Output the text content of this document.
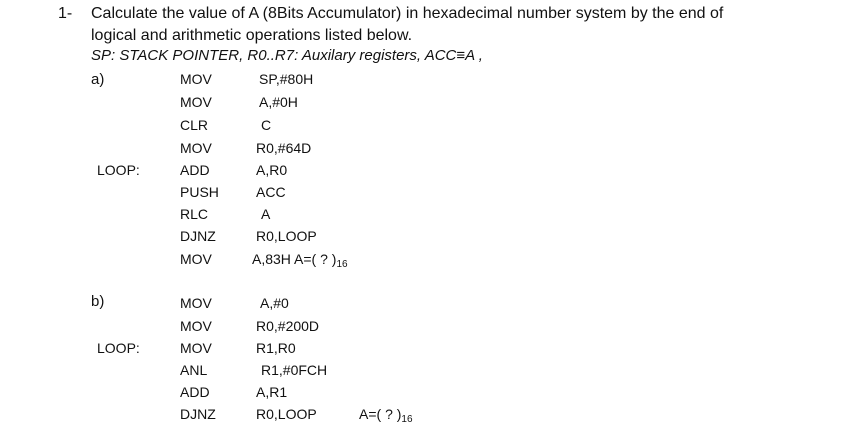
1- Calculate the value of A (8Bits Accumulator) in hexadecimal number system by the end of
logical and arithmetic operations listed below.
SP: STACK POINTER, R0..R7: Auxilary registers, ACC≡A ,
a)	MOV	SP,#80H
MOV	A,#0H
CLR	C
MOV	R0,#64D
LOOP:	ADD	A,R0
PUSH	ACC
RLC	A
DJNZ	R0,LOOP
MOV	A,83H A=( ? )$_{16}$
b)	MOV	A,#0
MOV	R0,#200D
LOOP:	MOV	R1,R0
ANL	R1,#0FCH
ADD	A,R1
DJNZ	R0,LOOP	A=( ? )$_{16}$
